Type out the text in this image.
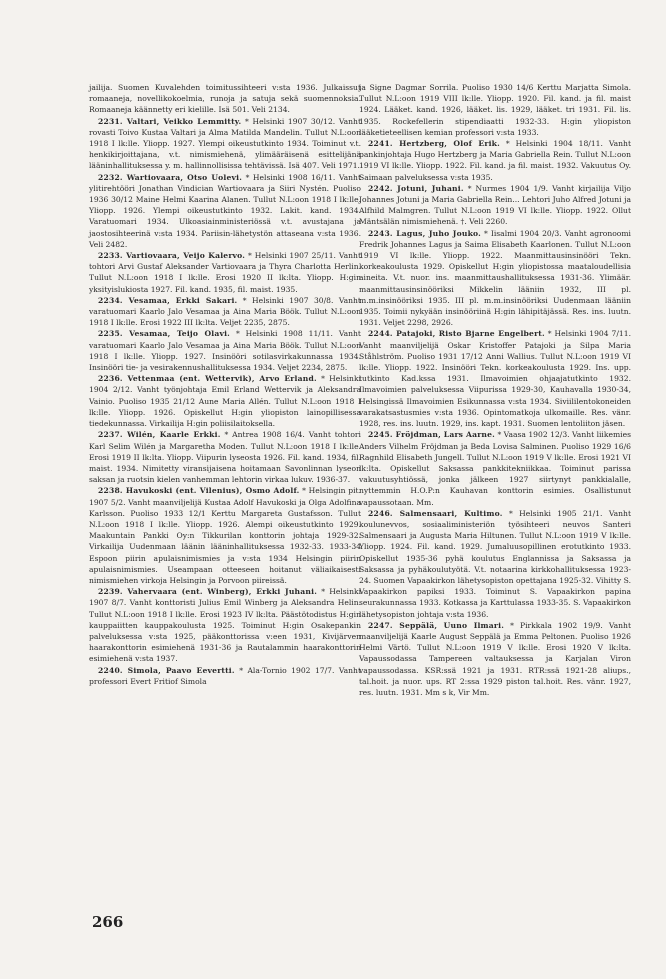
jailija. Suomen Kuvalehden toimitussihteeri v:sta 1936. Julkaissut romaaneja, novellikokoelmia, runoja ja satuja sekä suomennoksia. Romaaneja käännetty eri kielille. Isä 501. Veli 2134.

2231. Valtari, Veikko Lemmitty. * Helsinki 1907 30/12. Vanht rovasti Toivo Kustaa Valtari ja Alma Matilda Mandelin. Tullut N.L:oon 1918 I lk:lle. Yliopp. 1927. Ylempi oikeustutkinto 1934. Toiminut v.t. henkikirjoittajana, v.t. nimismiehenä, ylimääräisenä esittelijänä lääninhallituksessa y. m. hallinnollisissa tehtävissä. Isä 407. Veli 1971.

2232. Wartiovaara, Otso Uolevi. * Helsinki 1908 16/11. Vanht ylitirehtööri Jonathan Vindician Wartiovaara ja Siiri Nystén. Puoliso 1936 30/12 Maine Helmi Kaarina Alanen. Tullut N.L:oon 1918 I lk:lle. Yliopp. 1926. Ylempi oikeustutkinto 1932. Lakit. kand. 1934. Varatuomari 1934. Ulkoasiainministeriössä v.t. avustajana ja jaostosihteerinä v:sta 1934. Pariisin-lähetystön attaseana v:sta 1936. Veli 2482.

2233. Vartiovaara, Veijo Kalervo. * Helsinki 1907 25/11. Vanht tohtori Arvi Gustaf Aleksander Vartiovaara ja Thyra Charlotta Herlin. Tullut N.L:oon 1918 I lk:lle. Erosi 1920 II lk:lta. Yliopp. H:gin yksityislukiosta 1927. Fil. kand. 1935, fil. maist. 1935.

2234. Vesamaa, Erkki Sakari. * Helsinki 1907 30/8. Vanht varatuomari Kaarlo Jalo Vesamaa ja Aina Maria Böök. Tullut N.L:oon 1918 I lk:lle. Erosi 1922 III lk:lta. Veljet 2235, 2875.

2235. Vesamaa, Teijo Olavi. * Helsinki 1908 11/11. Vanht varatuomari Kaarlo Jalo Vesamaa ja Aina Maria Böök. Tullut N.L:oon 1918 I lk:lle. Yliopp. 1927. Insinööri sotilasvirkakunnassa 1934. Insinööri tie- ja vesirakennushallituksessa 1934. Veljet 2234, 2875.

2236. Vettenmaa (ent. Wettervik), Arvo Erland. * Helsinki 1904 2/12. Vanht työnjohtaja Emil Erland Wettervik ja Aleksandra Vainio. Puoliso 1935 21/12 Aune Maria Allén. Tullut N.L:oon 1918 I lk:lle. Yliopp. 1926. Opiskellut H:gin yliopiston lainopillisessa tiedekunnassa. Virkailija H:gin poliisilaitoksella.

2237. Wilén, Kaarle Erkki. * Antrea 1908 16/4. Vanht tohtori Karl Selim Wilén ja Margaretha Moden. Tullut N.L:oon 1918 I lk:lle. Erosi 1919 II lk:lta. Yliopp. Viipurin lyseosta 1926. Fil. kand. 1934, fil. maist. 1934. Nimitetty viransijaisena hoitamaan Savonlinnan lyseon saksan ja ruotsin kielen vanhemman lehtorin virkaa lukuv. 1936-37.

2238. Havukoski (ent. Vilenius), Osmo Adolf. * Helsingin pit. 1907 5/2. Vanht maanviljelijä Kustaa Adolf Havukoski ja Olga Adolfina Karlsson. Puoliso 1933 12/1 Kerttu Margareta Gustafsson. Tullut N.L:oon 1918 I lk:lle. Yliopp. 1926. Alempi oikeustutkinto 1929. Maakuntain Pankki Oy:n Tikkurilan konttorin johtaja 1929-32. Virkailija Uudenmaan läänin lääninhallituksessa 1932-33. 1933-34 Espoon piirin apulaisnimismies ja v:sta 1934 Helsingin piirin apulaisnimismies. Useampaan otteeseen hoitanut väliaikaisesti nimismiehen virkoja Helsingin ja Porvoon piireissä.

2239. Vahervaara (ent. Winberg), Erkki Juhani. * Helsinki 1907 8/7. Vanht konttoristi Julius Emil Winberg ja Aleksandra Helin. Tullut N.L:oon 1918 I lk:lle. Erosi 1923 IV lk:lta. Päästötodistus H:gin kauppaiitten kauppakoulusta 1925. Toiminut H:gin Osakepankin palveluksessa v:sta 1925, pääkonttorissa v:een 1931, Kivijärven haarakonttorin esimiehenä 1931-36 ja Rautalammin haarakonttorin esimiehenä v:sta 1937.

2240. Simola, Paavo Eevertti. * Ala-Tornio 1902 17/7. Vanht professori Evert Fritiof Simola

ja Signe Dagmar Sorrila. Puoliso 1930 14/6 Kerttu Marjatta Simola. Tullut N.L:oon 1919 VIII lk:lle. Yliopp. 1920. Fil. kand. ja fil. maist 1924. Lääket. kand. 1926, lääket. lis. 1929, lääket. tri 1931. Fil. lis. 1935. Rockefellerin stipendiaatti 1932-33. H:gin yliopiston lääketieteellisen kemian professori v:sta 1933.

2241. Hertzberg, Olof Erik. * Helsinki 1904 18/11. Vanht pankinjohtaja Hugo Hertzberg ja Maria Gabriella Rein. Tullut N.L:oon 1919 VI lk:lle. Yliopp. 1922. Fil. kand. ja fil. maist. 1932. Vakuutus Oy. Saimaan palveluksessa v:sta 1935.

2242. Jotuni, Juhani. * Nurmes 1904 1/9. Vanht kirjailija Viljo Johannes Jotuni ja Maria Gabriella Rein... Lehtori Juho Alfred Jotuni ja Alfhild Malmgren. Tullut N.L:oon 1919 VI lk:lle. Yliopp. 1922. Ollut Mäntsälän nimismiehenä. †. Veli 2260.

2243. Lagus, Juho Jouko. * Iisalmi 1904 20/3. Vanht agronoomi Fredrik Johannes Lagus ja Saima Elisabeth Kaarlonen. Tullut N.L:oon 1919 VI lk:lle. Yliopp. 1922. Maanmittausinsinööri Tekn. korkeakoulusta 1929. Opiskellut H:gin yliopistossa maataloudellisia aineita. V.t. nuor. ins. maanmittaushallituksessa 1931-36. Ylimäär. maanmittausinsinööriksi Mikkelin lääniin 1932, III pl. m.m.insinööriksi 1935. III pl. m.m.insinööriksi Uudenmaan lääniin 1935. Toimii nykyään insinööriinä H:gin lähipitäjässä. Res. ins. luutn. 1931. Veljet 2298, 2926.

2244. Patajoki, Risto Bjarne Engelbert. * Helsinki 1904 7/11. Vanht maanviljelijä Oskar Kristoffer Patajoki ja Silpa Maria Ståhlström. Puoliso 1931 17/12 Anni Wallius. Tullut N.L:oon 1919 VI lk:lle. Yliopp. 1922. Insinööri Tekn. korkeakoulusta 1929. Ins. upp. tutkinto Kad.kssa 1931. Ilmavoimien ohjaajatutkinto 1932. Ilmavoimien palveluksessa Viipurissa 1929-30, Kauhavalla 1930-34, Helsingissä Ilmavoimien Esikunnassa v:sta 1934. Siviililentokoneiden varakatsastusmies v:sta 1936. Opintomatkoja ulkomaille. Res. vänr. 1928, res. ins. luutn. 1929, ins. kapt. 1931. Suomen lentoliiton jäsen.

2245. Fröjdman, Lars Aarne. * Vaasa 1902 12/3. Vanht liikemies Anders Vilhelm Fröjdman ja Beda Lovisa Salminen. Puoliso 1929 16/6 Ragnhild Elisabeth Jungell. Tullut N.L:oon 1919 V lk:lle. Erosi 1921 VI lk:lta. Opiskellut Saksassa pankkitekniikkaa. Toiminut parissa vakuutusyhtiössä, jonka jälkeen 1927 siirtynyt pankkialalle, nyttemmin H.O.P:n Kauhavan konttorin esimies. Osallistunut vapaussotaan. Mm.

2246. Salmensaari, Kultimo. * Helsinki 1905 21/1. Vanht koulunevvos, sosiaaliministeriön työsihteeri neuvos Santeri Salmensaari ja Augusta Maria Hiltunen. Tullut N.L:oon 1919 V lk:lle. Yliopp. 1924. Fil. kand. 1929. Jumaluusopillinen erotutkinto 1933. Opiskellut 1935-36 pyhä koulutus Englannissa ja Saksassa ja Saksassa ja pyhäkoulutyötä. V.t. notaarina kirkkohallituksessa 1923-24. Suomen Vapaakirkon lähetysopiston opettajana 1925-32. Vihitty S. Vapaakirkon papiksi 1933. Toiminut S. Vapaakirkon papina seurakunnassa 1933. Kotkassa ja Karttulassa 1933-35. S. Vapaakirkon lähetysopiston johtaja v:sta 1936.

2247. Seppälä, Uuno Ilmari. * Pirkkala 1902 19/9. Vanht maanviljelijä Kaarle August Seppälä ja Emma Peltonen. Puoliso 1926 Helmi Värtö. Tullut N.L:oon 1919 V lk:lle. Erosi 1920 V lk:lta. Vapaussodassa Tampereen valtauksessa ja Karjalan Viron vapaussodassa. KSR:ssä 1921 ja 1931. RTR:ssä 1921-28 aliups., tal.hoit. ja nuor. ups. RT 2:ssa 1929 piston tal.hoit. Res. vänr. 1927, res. luutn. 1931. Mm s k, Vir Mm.

266
